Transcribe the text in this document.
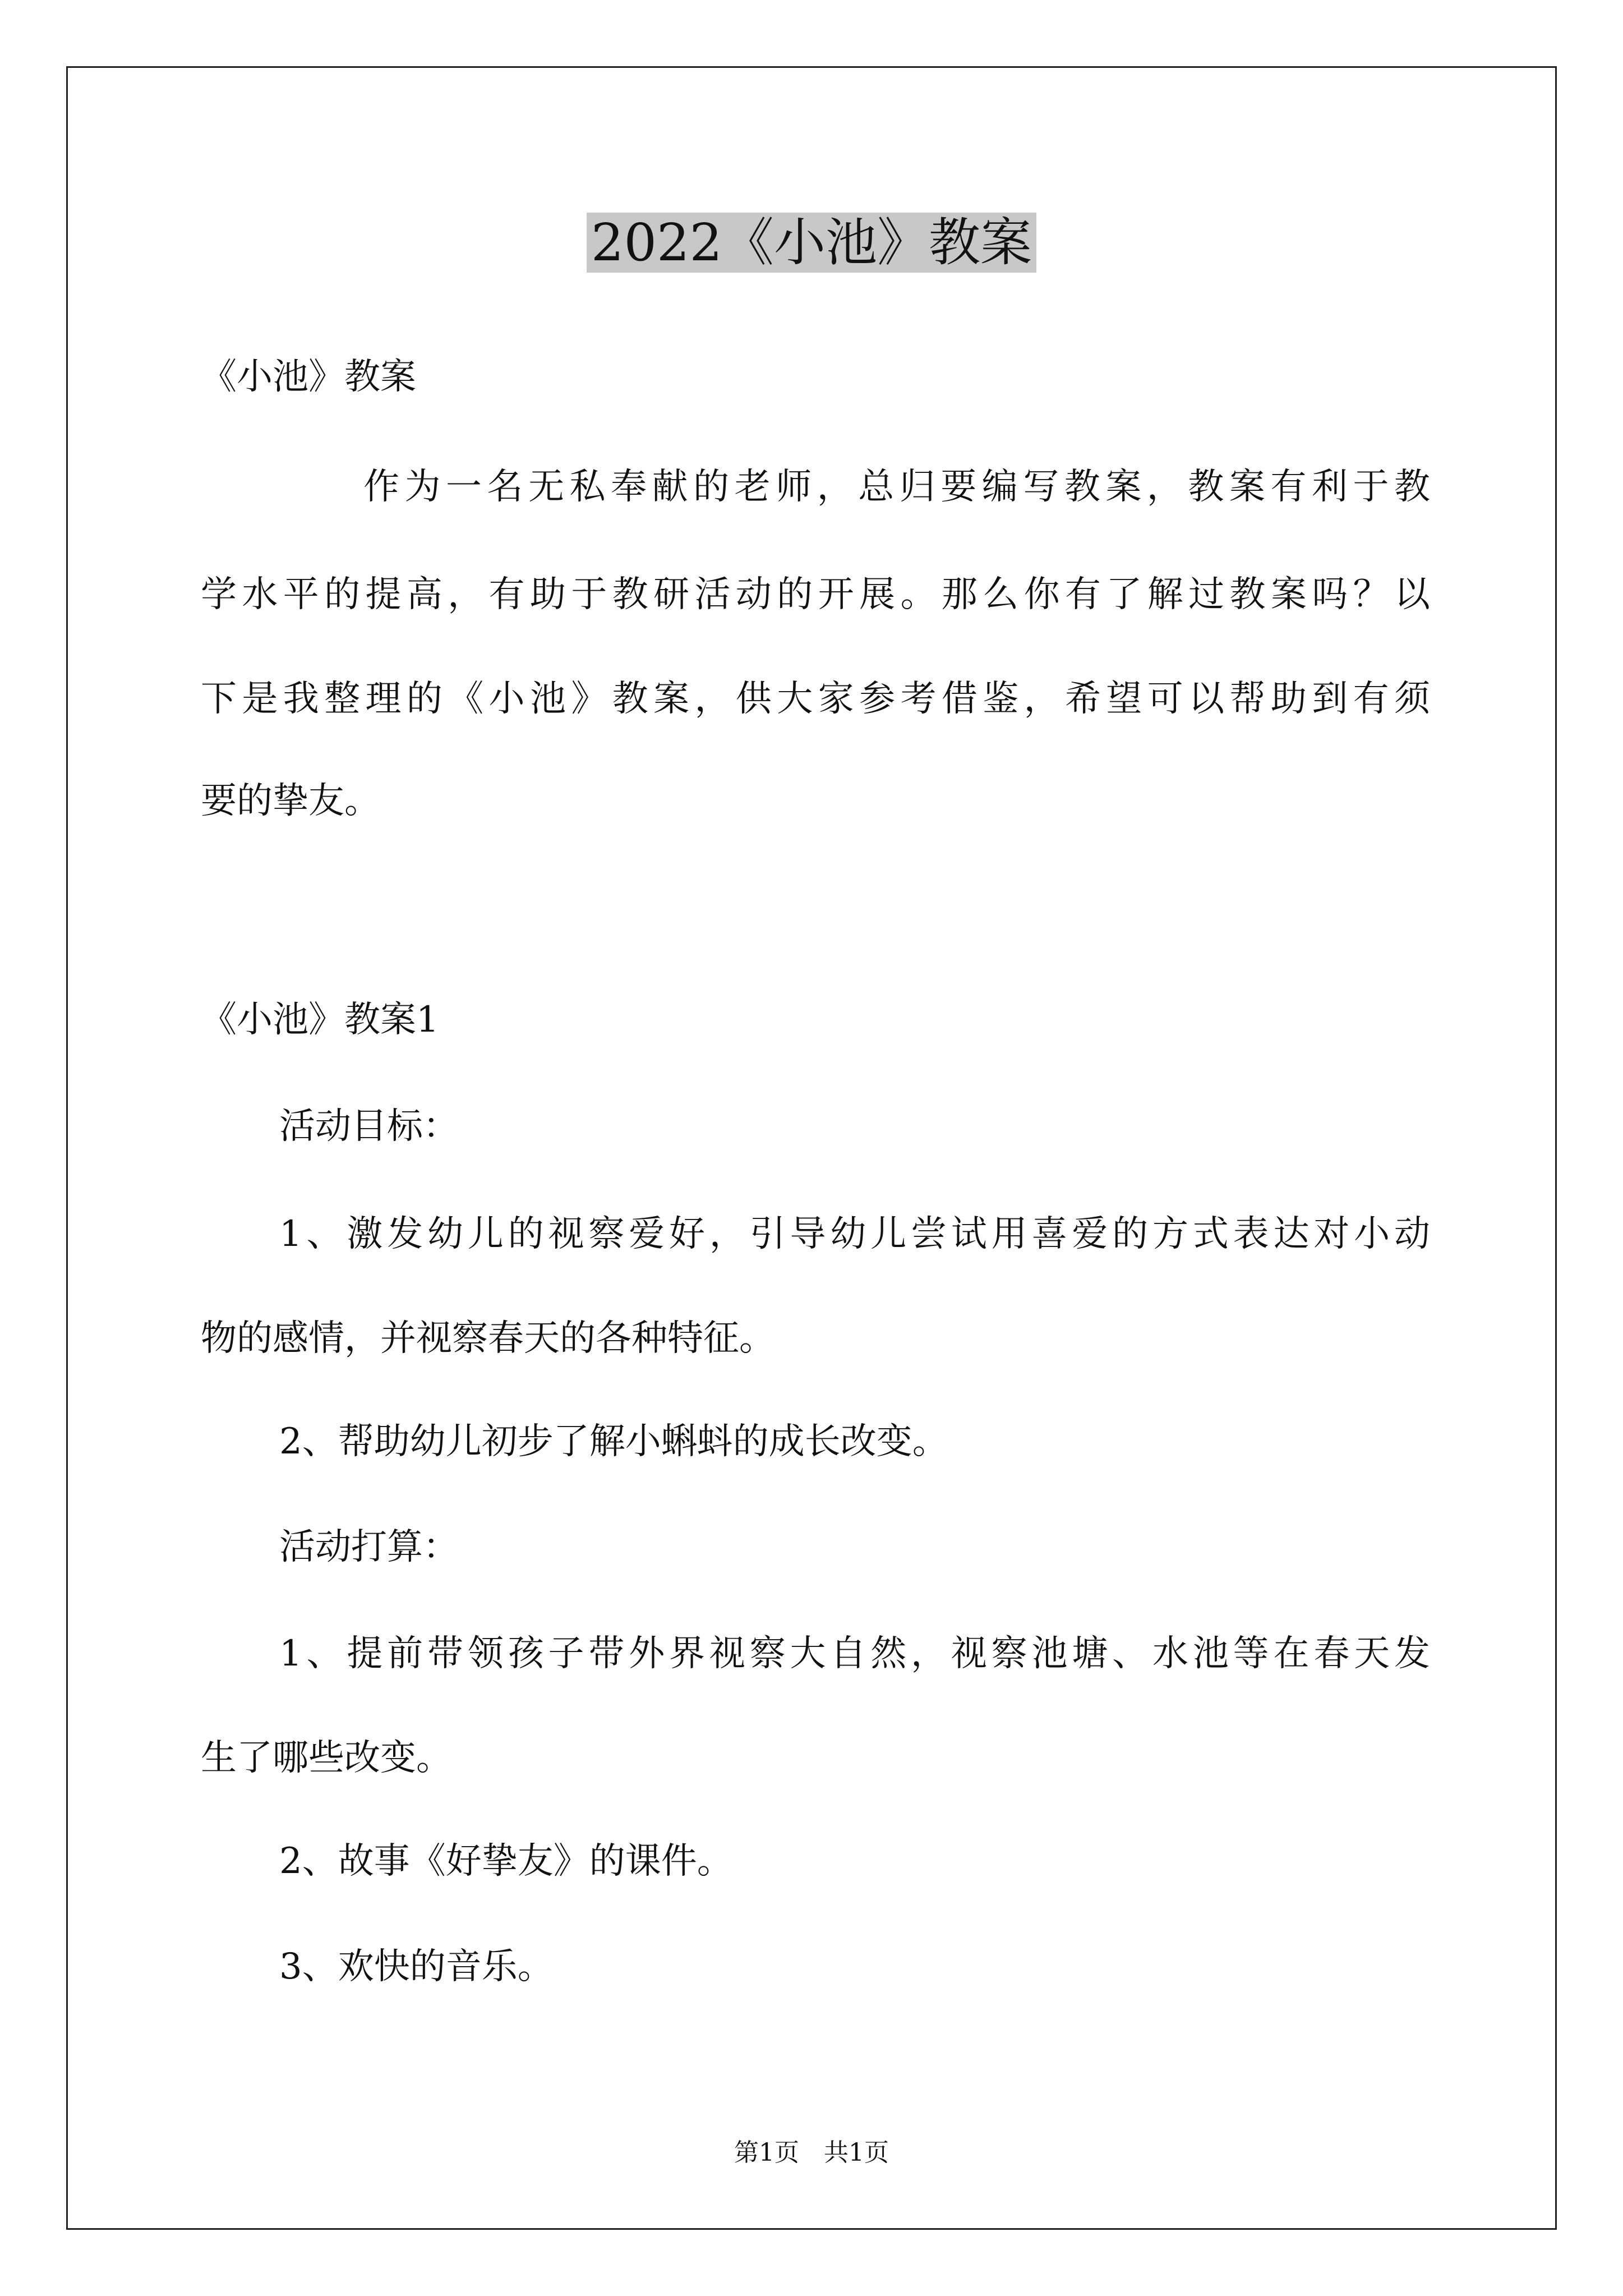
2022《小池》教案
《小池》教案
作为一名无私奉献的老师，总归要编写教案，教案有利于教
学水平的提高，有助于教研活动的开展。那么你有了解过教案吗？以
下是我整理的《小池》教案，供大家参考借鉴，希望可以帮助到有须
要的挚友。
《小池》教案1
活动目标：
1、激发幼儿的视察爱好，引导幼儿尝试用喜爱的方式表达对小动
物的感情，并视察春天的各种特征。
2、帮助幼儿初步了解小蝌蚪的成长改变。
活动打算：
1、提前带领孩子带外界视察大自然，视察池塘、水池等在春天发
生了哪些改变。
2、故事《好挚友》的课件。
3、欢快的音乐。
第1页　共1页
